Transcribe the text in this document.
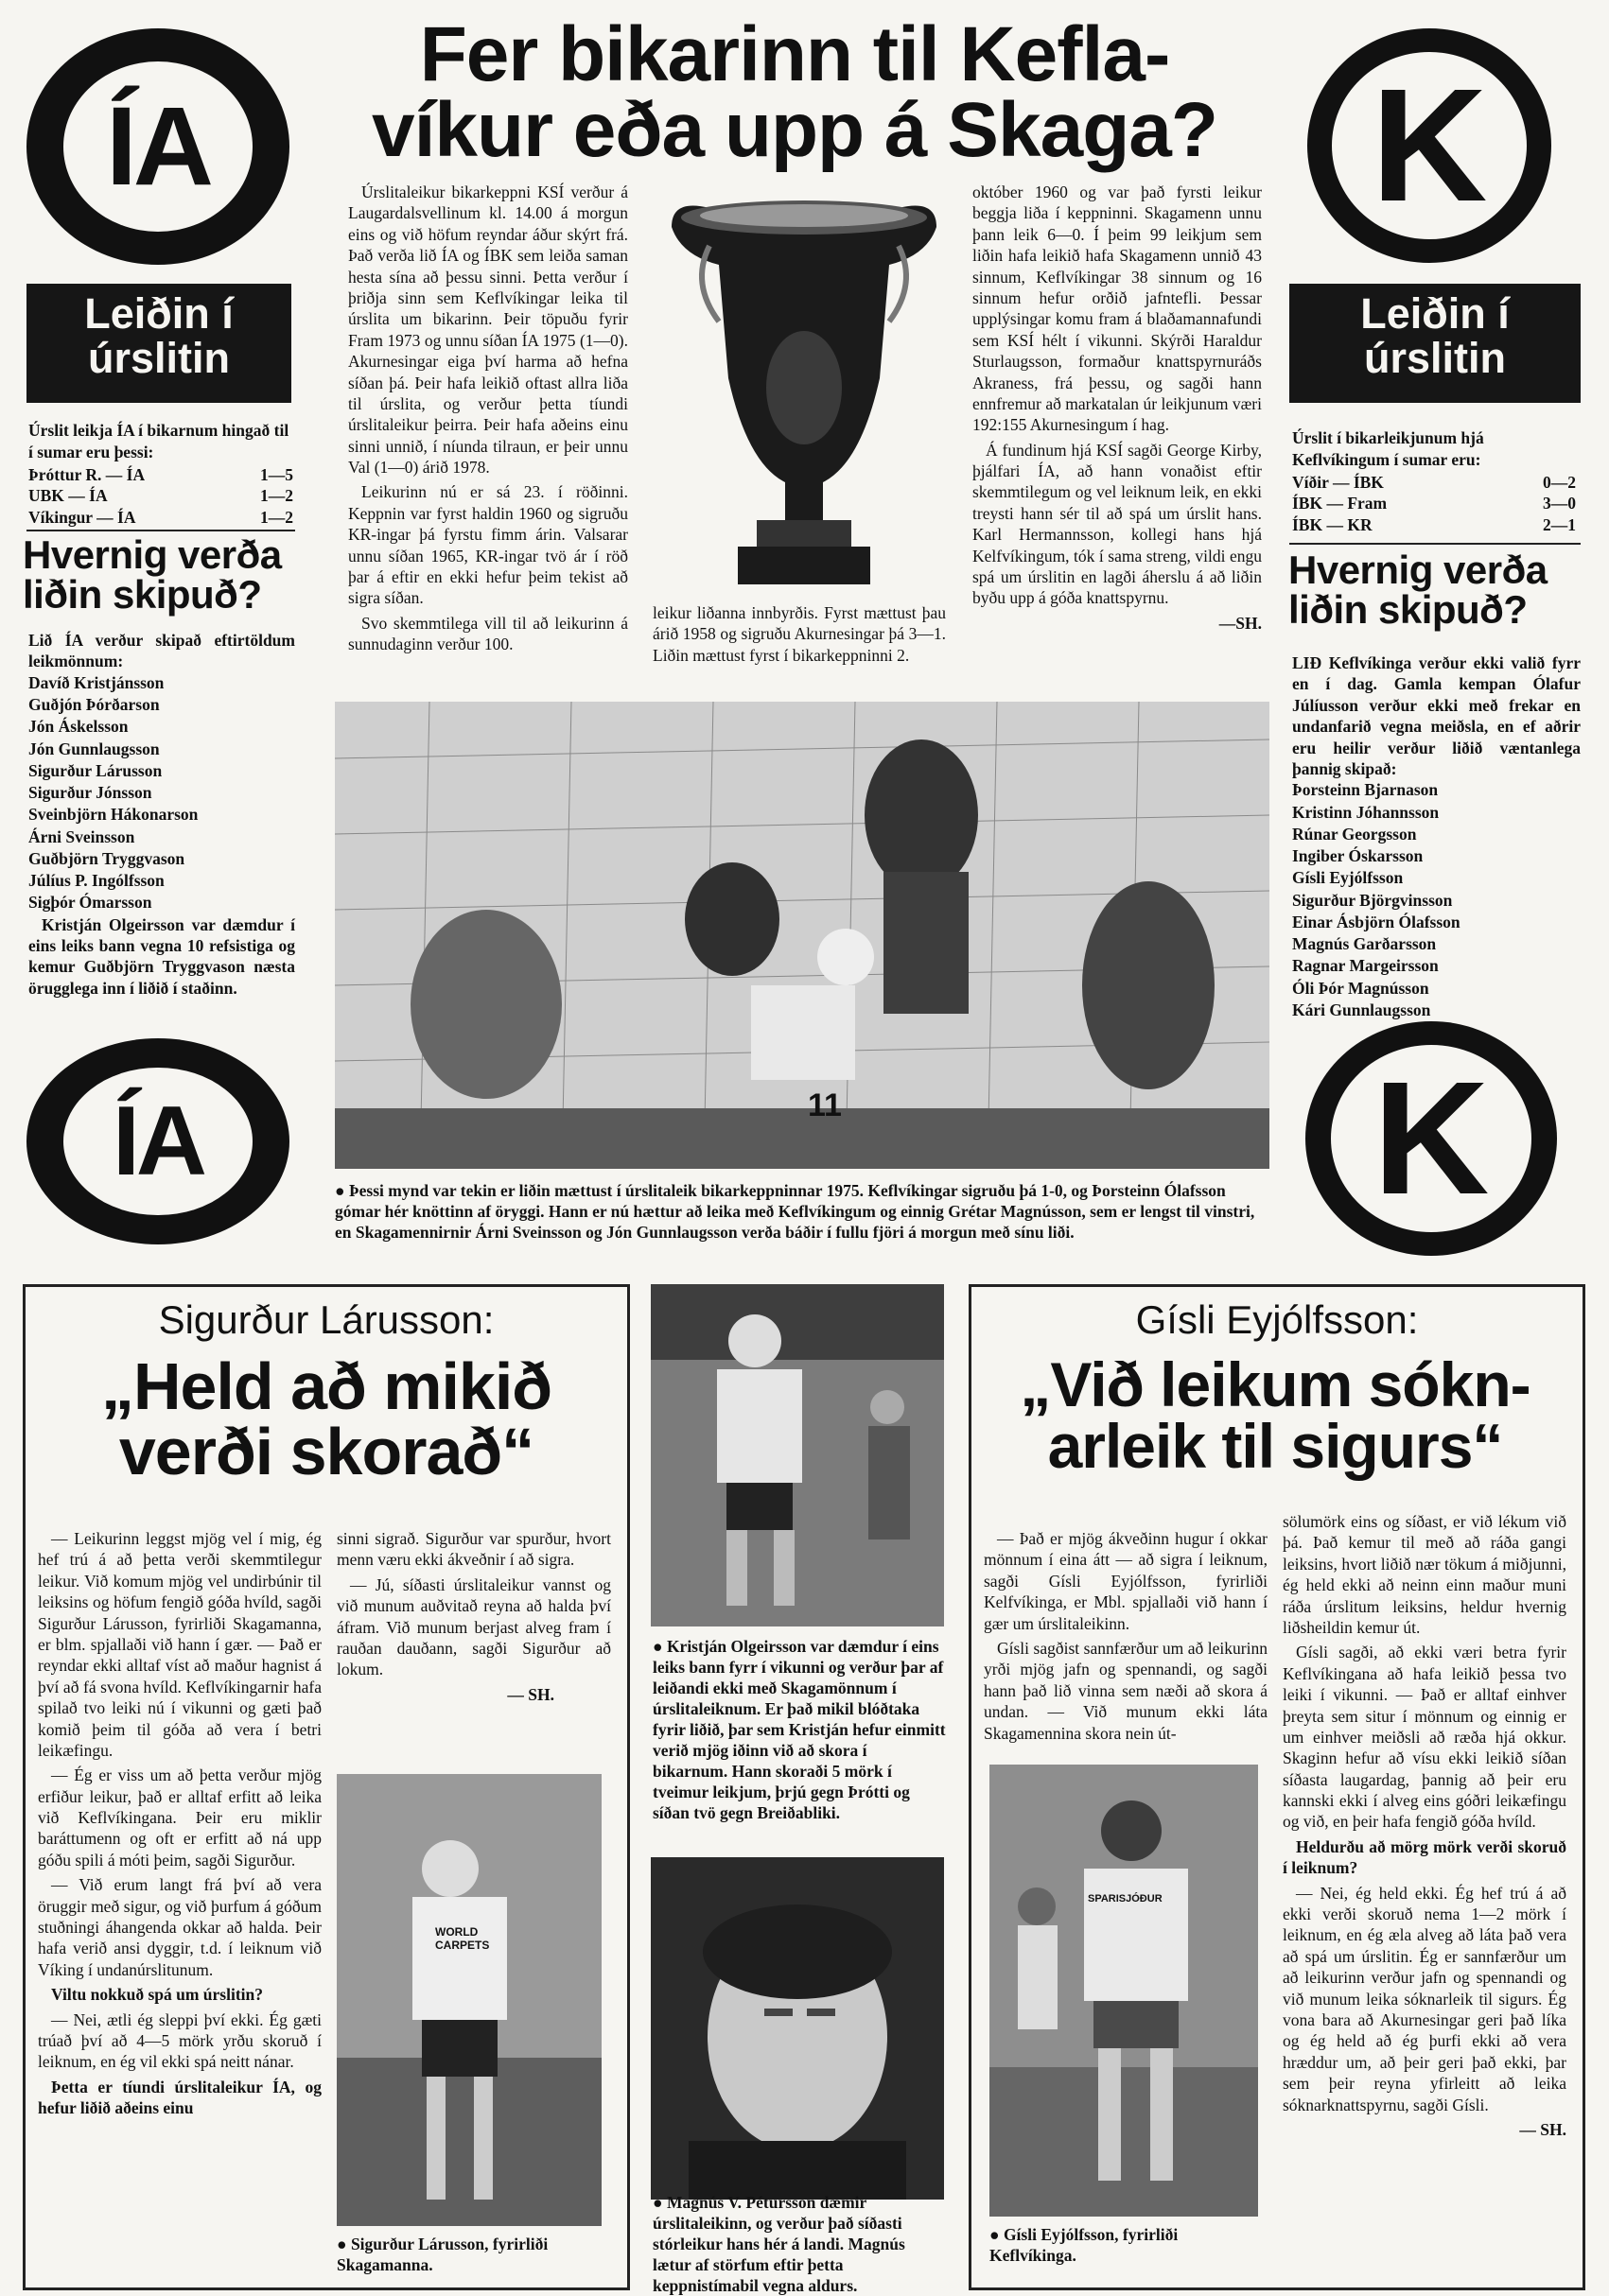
ÍA
Fer bikarinn til Kefla-
víkur eða upp á Skaga? K
Leiðin í
úrslitin
Úrslit leikja ÍA í bikarnum hingað til í sumar eru þessi:
Þróttur R. — ÍA	1—5
UBK — ÍA	1—2
Víkingur — ÍA	1—2
Hvernig verða
liðin skipuð?
Lið ÍA verður skipað eftirtöldum leikmönnum:
Davíð Kristjánsson
Guðjón Þórðarson
Jón Áskelsson
Jón Gunnlaugsson
Sigurður Lárusson
Sigurður Jónsson
Sveinbjörn Hákonarson
Árni Sveinsson
Guðbjörn Tryggvason
Júlíus P. Ingólfsson
Sigþór Ómarsson
Kristján Olgeirsson var dæmdur í eins leiks bann vegna 10 refsistiga og kemur Guðbjörn Tryggvason næsta örugglega inn í liðið í staðinn.
ÍA

Úrslitaleikur bikarkeppni KSÍ verður á Laugardalsvellinum kl. 14.00 á morgun eins og við höfum reyndar áður skýrt frá. Það verða lið ÍA og ÍBK sem leiða saman hesta sína að þessu sinni. Þetta verður í þriðja sinn sem Keflvíkingar leika til úrslita um bikarinn. Þeir töpuðu fyrir Fram 1973 og unnu síðan ÍA 1975 (1—0). Akurnesingar eiga því harma að hefna síðan þá. Þeir hafa leikið oftast allra liða til úrslita, og verður þetta tíundi úrslitaleikur þeirra. Þeir hafa aðeins einu sinni unnið, í níunda tilraun, er þeir unnu Val (1—0) árið 1978.

Leikurinn nú er sá 23. í röðinni. Keppnin var fyrst haldin 1960 og sigruðu KR-ingar þá fyrstu fimm árin. Valsarar unnu síðan 1965, KR-ingar tvö ár í röð þar á eftir en ekki hefur þeim tekist að sigra síðan.

Svo skemmtilega vill til að leikurinn á sunnudaginn verður 100.

leikur liðanna innbyrðis. Fyrst mættust þau árið 1958 og sigruðu Akurnesingar þá 3—1. Liðin mættust fyrst í bikarkeppninni 2.

október 1960 og var það fyrsti leikur beggja liða í keppninni. Skagamenn unnu þann leik 6—0. Í þeim 99 leikjum sem liðin hafa leikið hafa Skagamenn unnið 43 sinnum, Keflvíkingar 38 sinnum og 16 sinnum hefur orðið jafntefli. Þessar upplýsingar komu fram á blaðamannafundi sem KSÍ hélt í vikunni. Skýrði Haraldur Sturlaugsson, formaður knattspyrnuráðs Akraness, frá þessu, og sagði hann ennfremur að markatalan úr leikjunum væri 192:155 Akurnesingum í hag.

Á fundinum hjá KSÍ sagði George Kirby, þjálfari ÍA, að hann vonaðist eftir skemmtilegum og vel leiknum leik, en ekki treysti hann sér til að spá um úrslit hans. Karl Hermannsson, kollegi hans hjá Kelfvíkingum, tók í sama streng, vildi engu spá um úrslitin en lagði áherslu á að liðin byðu upp á góða knattspyrnu.

—SH.
Leiðin í
úrslitin
Úrslit í bikarleikjunum hjá Keflvíkingum í sumar eru:
Víðir — ÍBK	0—2
ÍBK — Fram	3—0
ÍBK — KR	2—1
Hvernig verða
liðin skipuð?
LIÐ Keflvíkinga verður ekki valið fyrr en í dag. Gamla kempan Ólafur Júlíusson verður ekki með frekar en undanfarið vegna meiðsla, en ef aðrir eru heilir verður liðið væntanlega þannig skipað:
Þorsteinn Bjarnason
Kristinn Jóhannsson
Rúnar Georgsson
Ingiber Óskarsson
Gísli Eyjólfsson
Sigurður Björgvinsson
Einar Ásbjörn Ólafsson
Magnús Garðarsson
Ragnar Margeirsson
Óli Þór Magnússon
Kári Gunnlaugsson
K
11
● Þessi mynd var tekin er liðin mættust í úrslitaleik bikarkeppninnar 1975. Keflvíkingar sigruðu þá 1-0, og Þorsteinn Ólafsson gómar hér knöttinn af öryggi. Hann er nú hættur að leika með Keflvíkingum og einnig Grétar Magnússon, sem er lengst til vinstri, en Skagamennirnir Árni Sveinsson og Jón Gunnlaugsson verða báðir í fullu fjöri á morgun með sínu liði.
Sigurður Lárusson:
„Held að mikið
verði skorað“

— Leikurinn leggst mjög vel í mig, ég hef trú á að þetta verði skemmtilegur leikur. Við komum mjög vel undirbúnir til leiksins og höfum fengið góða hvíld, sagði Sigurður Lárusson, fyrirliði Skagamanna, er blm. spjallaði við hann í gær. — Það er reyndar ekki alltaf víst að maður hagnist á því að fá svona hvíld. Keflvíkingarnir hafa spilað tvo leiki nú í vikunni og gæti það komið þeim til góða að vera í betri leikæfingu.

— Ég er viss um að þetta verður mjög erfiður leikur, það er alltaf erfitt að leika við Keflvíkingana. Þeir eru miklir baráttumenn og oft er erfitt að ná upp góðu spili á móti þeim, sagði Sigurður.

— Við erum langt frá því að vera öruggir með sigur, og við þurfum á góðum stuðningi áhangenda okkar að halda. Þeir hafa verið ansi dyggir, t.d. í leiknum við Víking í undanúrslitunum.

Viltu nokkuð spá um úrslitin?

— Nei, ætli ég sleppi því ekki. Ég gæti trúað því að 4—5 mörk yrðu skoruð í leiknum, en ég vil ekki spá neitt nánar.

Þetta er tíundi úrslitaleikur ÍA, og hefur liðið aðeins einu

sinni sigrað. Sigurður var spurður, hvort menn væru ekki ákveðnir í að sigra.

— Jú, síðasti úrslitaleikur vannst og við munum auðvitað reyna að halda því áfram. Við munum berjast alveg fram í rauðan dauðann, sagði Sigurður að lokum.

— SH.
WORLD CARPETS
● Sigurður Lárusson, fyrirliði Skagamanna.
● Kristján Olgeirsson var dæmdur í eins leiks bann fyrr í vikunni og verður þar af leiðandi ekki með Skagamönnum í úrslitaleiknum. Er það mikil blóðtaka fyrir liðið, þar sem Kristján hefur einmitt verið mjög iðinn við að skora í bikarnum. Hann skoraði 5 mörk í tveimur leikjum, þrjú gegn Þrótti og síðan tvö gegn Breiðabliki.
● Magnús V. Pétursson dæmir úrslitaleikinn, og verður það síðasti stórleikur hans hér á landi. Magnús lætur af störfum eftir þetta keppnistímabil vegna aldurs.
Gísli Eyjólfsson:
„Við leikum sókn-
arleik til sigurs“

— Það er mjög ákveðinn hugur í okkar mönnum í eina átt — að sigra í leiknum, sagði Gísli Eyjólfsson, fyrirliði Kelfvíkinga, er Mbl. spjallaði við hann í gær um úrslitaleikinn.

Gísli sagðist sannfærður um að leikurinn yrði mjög jafn og spennandi, og sagði hann það lið vinna sem næði að skora á undan. — Við munum ekki láta Skagamennina skora nein út-

SPARISJÓÐUR
● Gísli Eyjólfsson, fyrirliði Keflvíkinga.

sölumörk eins og síðast, er við lékum við þá. Það kemur til með að ráða gangi leiksins, hvort liðið nær tökum á miðjunni, ég held ekki að neinn einn maður muni ráða úrslitum leiksins, heldur hvernig liðsheildin kemur út.

Gísli sagði, að ekki væri betra fyrir Keflvíkingana að hafa leikið þessa tvo leiki í vikunni. — Það er alltaf einhver þreyta sem situr í mönnum og einnig er um einhver meiðsli að ræða hjá okkur. Skaginn hefur að vísu ekki leikið síðan síðasta laugardag, þannig að þeir eru kannski ekki í alveg eins góðri leikæfingu og við, en þeir hafa fengið góða hvíld.

Heldurðu að mörg mörk verði skoruð í leiknum?

— Nei, ég held ekki. Ég hef trú á að ekki verði skoruð nema 1—2 mörk í leiknum, en ég æla alveg að láta það vera að spá um úrslitin. Ég er sannfærður um að leikurinn verður jafn og spennandi og við munum leika sóknarleik til sigurs. Ég vona bara að Akurnesingar geri það líka og ég held að ég þurfi ekki að vera hræddur um, að þeir geri það ekki, þar sem þeir reyna yfirleitt að leika sóknarknattspyrnu, sagði Gísli.

— SH.
